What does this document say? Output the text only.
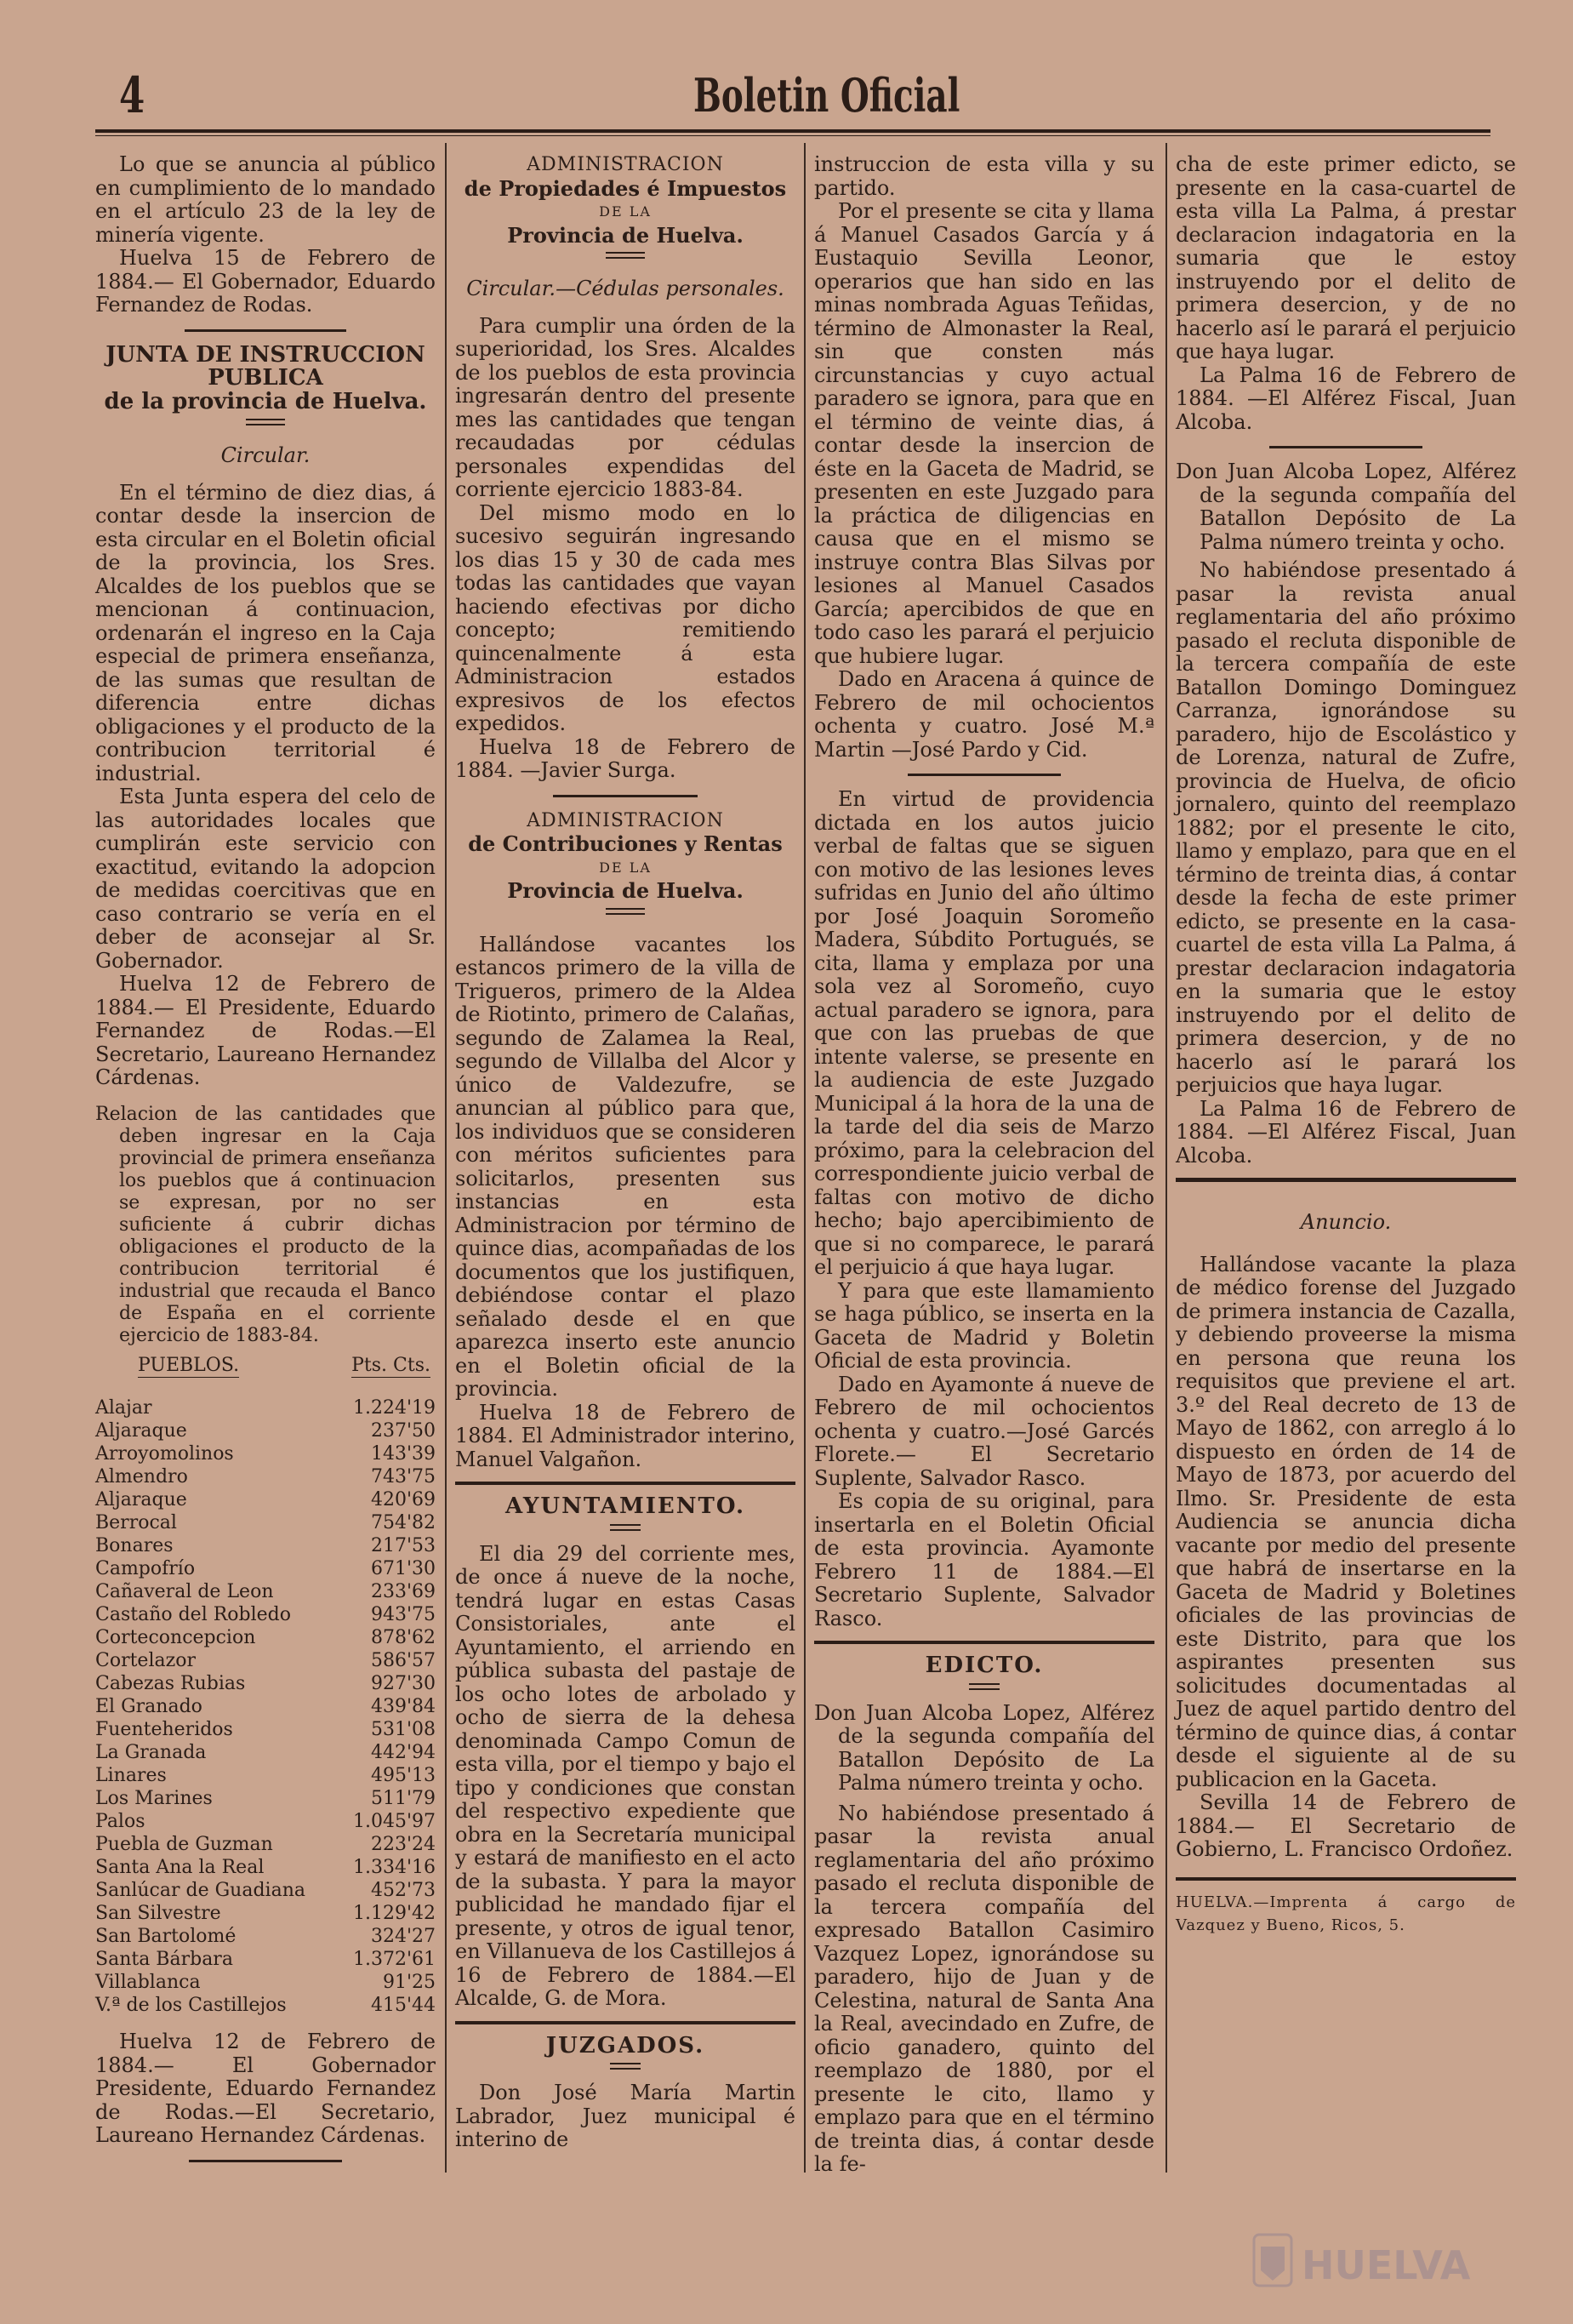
4	Boletin Oficial

Lo que se anuncia al público en cumplimiento de lo mandado en el artículo 23 de la ley de minería vigente.

Huelva 15 de Febrero de 1884.— El Gobernador, Eduardo Fernandez de Rodas.

JUNTA DE INSTRUCCION PUBLICA
de la provincia de Huelva.
Circular.

En el término de diez dias, á contar desde la insercion de esta circular en el Boletin oficial de la provincia, los Sres. Alcaldes de los pueblos que se mencionan á continuacion, ordenarán el ingreso en la Caja especial de primera enseñanza, de las sumas que resultan de diferencia entre dichas obligaciones y el producto de la contribucion territorial é industrial.

Esta Junta espera del celo de las autoridades locales que cumplirán este servicio con exactitud, evitando la adopcion de medidas coercitivas que en caso contrario se vería en el deber de aconsejar al Sr. Gobernador.

Huelva 12 de Febrero de 1884.— El Presidente, Eduardo Fernandez de Rodas.—El Secretario, Laureano Hernandez Cárdenas.

Relacion de las cantidades que deben ingresar en la Caja provincial de primera enseñanza los pueblos que á continuacion se expresan, por no ser suficiente á cubrir dichas obligaciones el producto de la contribucion territorial é industrial que recauda el Banco de España en el corriente ejercicio de 1883-84.

PUEBLOS.	Pts. Cts.
Alajar	1.224'19
Aljaraque	237'50
Arroyomolinos	143'39
Almendro	743'75
Aljaraque	420'69
Berrocal	754'82
Bonares	217'53
Campofrío	671'30
Cañaveral de Leon	233'69
Castaño del Robledo	943'75
Corteconcepcion	878'62
Cortelazor	586'57
Cabezas Rubias	927'30
El Granado	439'84
Fuenteheridos	531'08
La Granada	442'94
Linares	495'13
Los Marines	511'79
Palos	1.045'97
Puebla de Guzman	223'24
Santa Ana la Real	1.334'16
Sanlúcar de Guadiana	452'73
San Silvestre	1.129'42
San Bartolomé	324'27
Santa Bárbara	1.372'61
Villablanca	91'25
V.ª de los Castillejos	415'44

Huelva 12 de Febrero de 1884.— El Gobernador Presidente, Eduardo Fernandez de Rodas.—El Secretario, Laureano Hernandez Cárdenas.

ADMINISTRACION
de Propiedades é Impuestos
DE LA
Provincia de Huelva.
Circular.—Cédulas personales.

Para cumplir una órden de la superioridad, los Sres. Alcaldes de los pueblos de esta provincia ingresarán dentro del presente mes las cantidades que tengan recaudadas por cédulas personales expendidas del corriente ejercicio 1883-84.

Del mismo modo en lo sucesivo seguirán ingresando los dias 15 y 30 de cada mes todas las cantidades que vayan haciendo efectivas por dicho concepto; remitiendo quincenalmente á esta Administracion estados expresivos de los efectos expedidos.

Huelva 18 de Febrero de 1884. —Javier Surga.

ADMINISTRACION
de Contribuciones y Rentas
DE LA
Provincia de Huelva.

Hallándose vacantes los estancos primero de la villa de Trigueros, primero de la Aldea de Riotinto, primero de Calañas, segundo de Zalamea la Real, segundo de Villalba del Alcor y único de Valdezufre, se anuncian al público para que, los individuos que se consideren con méritos suficientes para solicitarlos, presenten sus instancias en esta Administracion por término de quince dias, acompañadas de los documentos que los justifiquen, debiéndose contar el plazo señalado desde el en que aparezca inserto este anuncio en el Boletin oficial de la provincia.

Huelva 18 de Febrero de 1884. El Administrador interino, Manuel Valgañon.

AYUNTAMIENTO.

El dia 29 del corriente mes, de once á nueve de la noche, tendrá lugar en estas Casas Consistoriales, ante el Ayuntamiento, el arriendo en pública subasta del pastaje de los ocho lotes de arbolado y ocho de sierra de la dehesa denominada Campo Comun de esta villa, por el tiempo y bajo el tipo y condiciones que constan del respectivo expediente que obra en la Secretaría municipal y estará de manifiesto en el acto de la subasta. Y para la mayor publicidad he mandado fijar el presente, y otros de igual tenor, en Villanueva de los Castillejos á 16 de Febrero de 1884.—El Alcalde, G. de Mora.

JUZGADOS.

Don José María Martin Labrador, Juez municipal é interino de

instruccion de esta villa y su partido.

Por el presente se cita y llama á Manuel Casados García y á Eustaquio Sevilla Leonor, operarios que han sido en las minas nombrada Aguas Teñidas, término de Almonaster la Real, sin que consten más circunstancias y cuyo actual paradero se ignora, para que en el término de veinte dias, á contar desde la insercion de éste en la Gaceta de Madrid, se presenten en este Juzgado para la práctica de diligencias en causa que en el mismo se instruye contra Blas Silvas por lesiones al Manuel Casados García; apercibidos de que en todo caso les parará el perjuicio que hubiere lugar.

Dado en Aracena á quince de Febrero de mil ochocientos ochenta y cuatro. José M.ª Martin —José Pardo y Cid.

En virtud de providencia dictada en los autos juicio verbal de faltas que se siguen con motivo de las lesiones leves sufridas en Junio del año último por José Joaquin Soromeño Madera, Súbdito Portugués, se cita, llama y emplaza por una sola vez al Soromeño, cuyo actual paradero se ignora, para que con las pruebas de que intente valerse, se presente en la audiencia de este Juzgado Municipal á la hora de la una de la tarde del dia seis de Marzo próximo, para la celebracion del correspondiente juicio verbal de faltas con motivo de dicho hecho; bajo apercibimiento de que si no comparece, le parará el perjuicio á que haya lugar.

Y para que este llamamiento se haga público, se inserta en la Gaceta de Madrid y Boletin Oficial de esta provincia.

Dado en Ayamonte á nueve de Febrero de mil ochocientos ochenta y cuatro.—José Garcés Florete.— El Secretario Suplente, Salvador Rasco.

Es copia de su original, para insertarla en el Boletin Oficial de esta provincia. Ayamonte Febrero 11 de 1884.—El Secretario Suplente, Salvador Rasco.

EDICTO.

Don Juan Alcoba Lopez, Alférez de la segunda compañía del Batallon Depósito de La Palma número treinta y ocho.

No habiéndose presentado á pasar la revista anual reglamentaria del año próximo pasado el recluta disponible de la tercera compañía del expresado Batallon Casimiro Vazquez Lopez, ignorándose su paradero, hijo de Juan y de Celestina, natural de Santa Ana la Real, avecindado en Zufre, de oficio ganadero, quinto del reemplazo de 1880, por el presente le cito, llamo y emplazo para que en el término de treinta dias, á contar desde la fe-

cha de este primer edicto, se presente en la casa-cuartel de esta villa La Palma, á prestar declaracion indagatoria en la sumaria que le estoy instruyendo por el delito de primera desercion, y de no hacerlo así le parará el perjuicio que haya lugar.

La Palma 16 de Febrero de 1884. —El Alférez Fiscal, Juan Alcoba.

Don Juan Alcoba Lopez, Alférez de la segunda compañía del Batallon Depósito de La Palma número treinta y ocho.

No habiéndose presentado á pasar la revista anual reglamentaria del año próximo pasado el recluta disponible de la tercera compañía de este Batallon Domingo Dominguez Carranza, ignorándose su paradero, hijo de Escolástico y de Lorenza, natural de Zufre, provincia de Huelva, de oficio jornalero, quinto del reemplazo 1882; por el presente le cito, llamo y emplazo, para que en el término de treinta dias, á contar desde la fecha de este primer edicto, se presente en la casa-cuartel de esta villa La Palma, á prestar declaracion indagatoria en la sumaria que le estoy instruyendo por el delito de primera desercion, y de no hacerlo así le parará los perjuicios que haya lugar.

La Palma 16 de Febrero de 1884. —El Alférez Fiscal, Juan Alcoba.

Anuncio.

Hallándose vacante la plaza de médico forense del Juzgado de primera instancia de Cazalla, y debiendo proveerse la misma en persona que reuna los requisitos que previene el art. 3.º del Real decreto de 13 de Mayo de 1862, con arreglo á lo dispuesto en órden de 14 de Mayo de 1873, por acuerdo del Ilmo. Sr. Presidente de esta Audiencia se anuncia dicha vacante por medio del presente que habrá de insertarse en la Gaceta de Madrid y Boletines oficiales de las provincias de este Distrito, para que los aspirantes presenten sus solicitudes documentadas al Juez de aquel partido dentro del término de quince dias, á contar desde el siguiente al de su publicacion en la Gaceta.

Sevilla 14 de Febrero de 1884.— El Secretario de Gobierno, L. Francisco Ordoñez.

HUELVA.—Imprenta á cargo de Vazquez y Bueno, Ricos, 5.

HUELVA
